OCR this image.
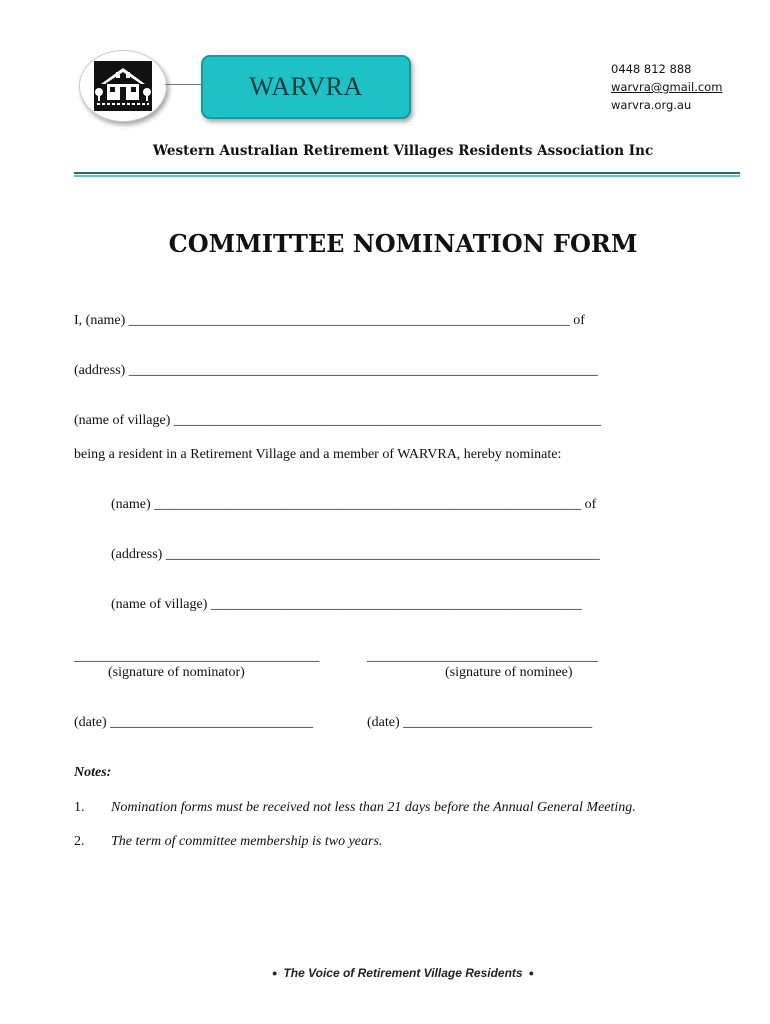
WARVRA
0448 812 888
warvra@gmail.com
warvra.org.au
Western Australian Retirement Villages Residents Association Inc
COMMITTEE NOMINATION FORM
I, (name) _______________________________________________________________ of
(address) ___________________________________________________________________
(name of village) _____________________________________________________________
being a resident in a Retirement Village and a member of WARVRA, hereby nominate:
(name) _____________________________________________________________ of
(address) ______________________________________________________________
(name of village) _____________________________________________________
___________________________________	_________________________________
(signature of nominator)	(signature of nominee)
(date) _____________________________	(date) ___________________________
Notes:
1. Nomination forms must be received not less than 21 days before the Annual General Meeting.
2. The term of committee membership is two years.
● The Voice of Retirement Village Residents ●
